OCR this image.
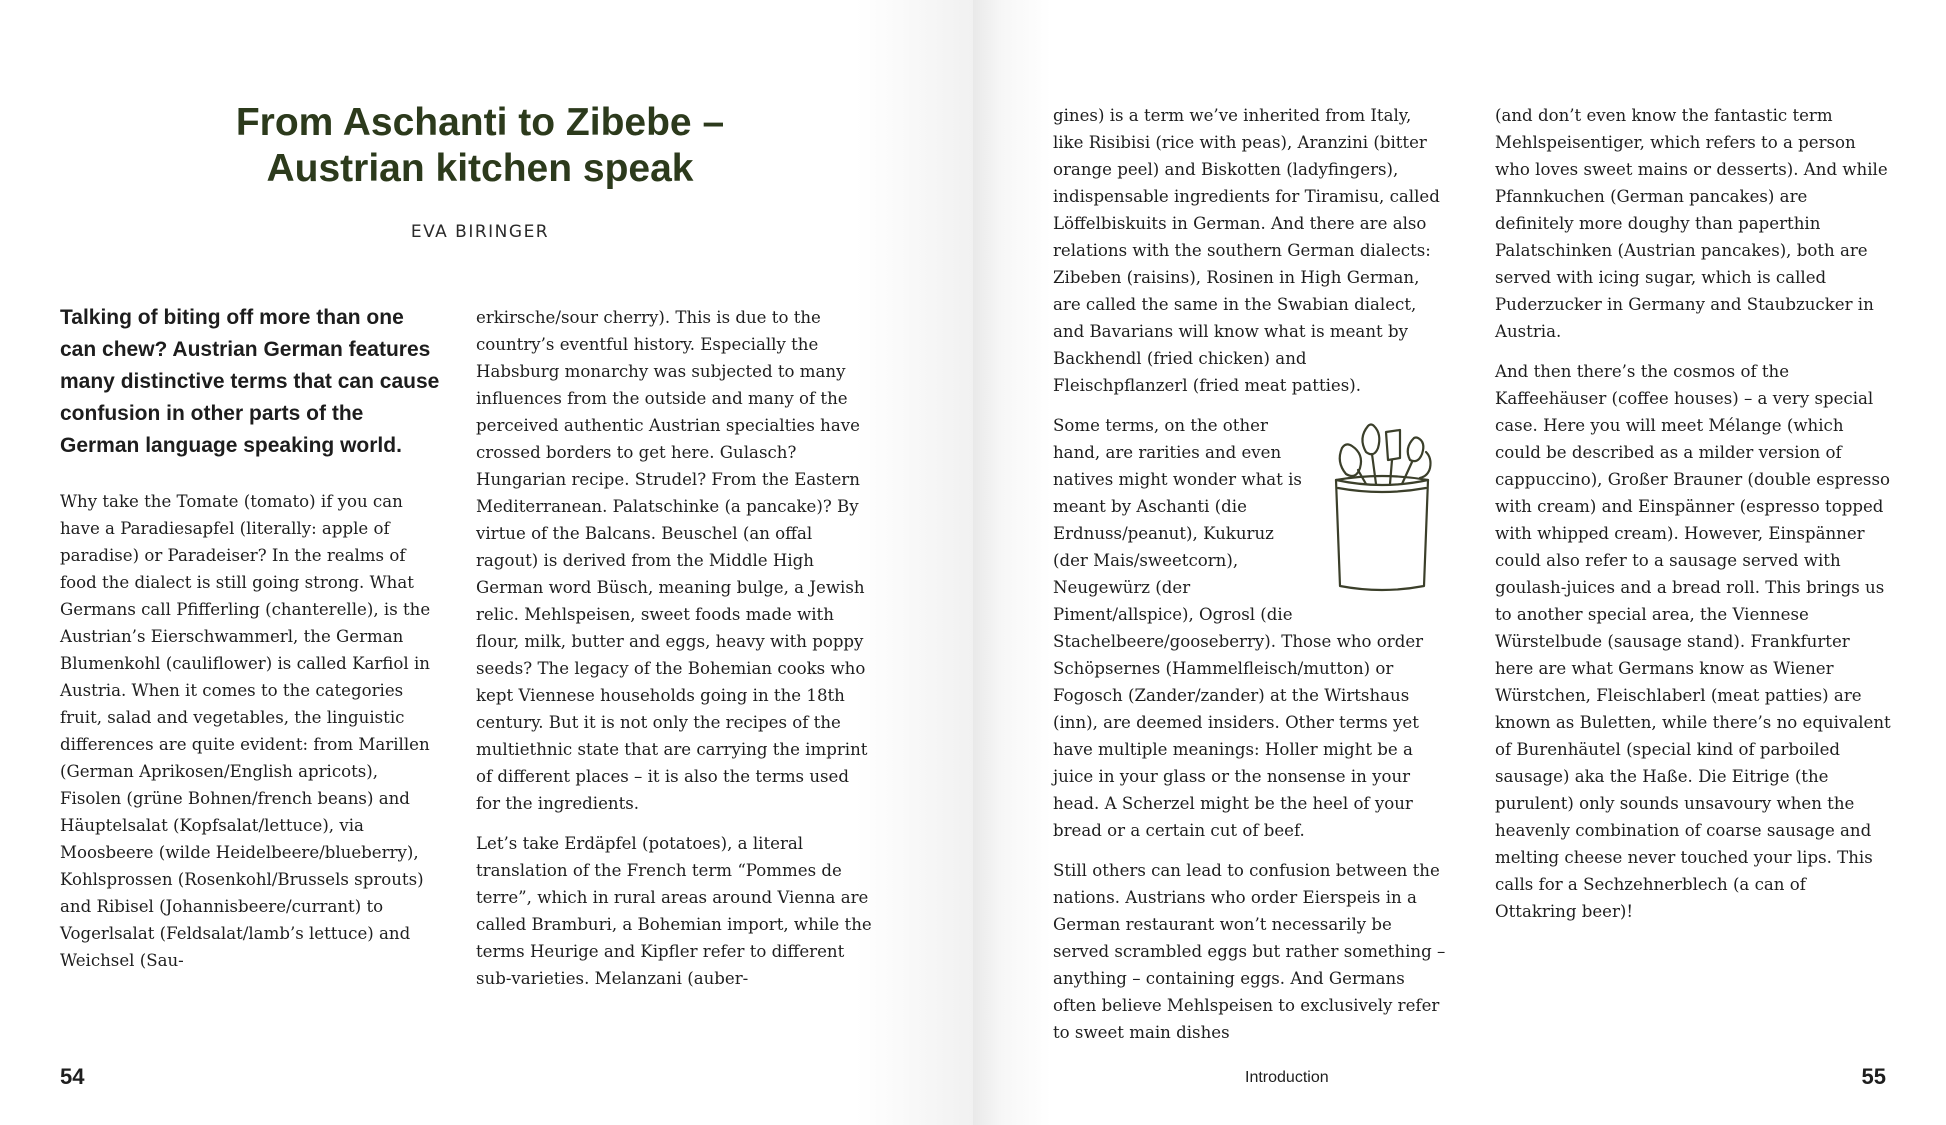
From Aschanti to Zibebe –
Austrian kitchen speak
EVA BIRINGER

Talking of biting off more than one can chew? Austrian German features many distinctive terms that can cause confusion in other parts of the German language speaking world.

Why take the Tomate (tomato) if you can have a Paradiesapfel (literally: apple of paradise) or Paradeiser? In the realms of food the dialect is still going strong. What Germans call Pfifferling (chanterelle), is the Austrian’s Eierschwammerl, the German Blumenkohl (cauliflower) is called Karfiol in Austria. When it comes to the categories fruit, salad and vegetables, the linguistic differences are quite evident: from Marillen (German Aprikosen/English apricots), Fisolen (grüne Bohnen/french beans) and Häuptelsalat (Kopfsalat/lettuce), via Moosbeere (wilde Heidelbeere/blueberry), Kohlsprossen (Rosenkohl/Brussels sprouts) and Ribisel (Johannisbeere/currant) to Vogerlsalat (Feldsalat/lamb’s lettuce) and Weichsel (Sau-

erkirsche/sour cherry). This is due to the country’s eventful history. Especially the Habsburg monarchy was subjected to many influences from the outside and many of the perceived authentic Austrian specialties have crossed borders to get here. Gulasch? Hungarian recipe. Strudel? From the Eastern Mediterranean. Palatschinke (a pancake)? By virtue of the Balcans. Beuschel (an offal ragout) is derived from the Middle High German word Büsch, meaning bulge, a Jewish relic. Mehlspeisen, sweet foods made with flour, milk, butter and eggs, heavy with poppy seeds? The legacy of the Bohemian cooks who kept Viennese households going in the 18th century. But it is not only the recipes of the multiethnic state that are carrying the imprint of different places – it is also the terms used for the ingredients.

Let’s take Erdäpfel (potatoes), a literal translation of the French term “Pommes de terre”, which in rural areas around Vienna are called Bramburi, a Bohemian import, while the terms Heurige and Kipfler refer to different sub-varieties. Melanzani (auber-

54

gines) is a term we’ve inherited from Italy, like Risibisi (rice with peas), Aranzini (bitter orange peel) and Biskotten (ladyfingers), indispensable ingredients for Tiramisu, called Löffelbiskuits in German. And there are also relations with the southern German dialects: Zibeben (raisins), Rosinen in High German, are called the same in the Swabian dialect, and Bavarians will know what is meant by Backhendl (fried chicken) and Fleischpflanzerl (fried meat patties).

Some terms, on the other hand, are rarities and even natives might wonder what is meant by Aschanti (die Erdnuss/peanut), Kukuruz (der Mais/sweetcorn), Neugewürz (der Piment/allspice), Ogrosl (die Stachelbeere/gooseberry). Those who order Schöpsernes (Hammelfleisch/mutton) or Fogosch (Zander/zander) at the Wirtshaus (inn), are deemed insiders. Other terms yet have multiple meanings: Holler might be a juice in your glass or the nonsense in your head. A Scherzel might be the heel of your bread or a certain cut of beef.

Still others can lead to confusion between the nations. Austrians who order Eierspeis in a German restaurant won’t necessarily be served scrambled eggs but rather something – anything – containing eggs. And Germans often believe Mehlspeisen to exclusively refer to sweet main dishes

(and don’t even know the fantastic term Mehlspeisentiger, which refers to a person who loves sweet mains or desserts). And while Pfannkuchen (German pancakes) are definitely more doughy than paperthin Palatschinken (Austrian pancakes), both are served with icing sugar, which is called Puderzucker in Germany and Staubzucker in Austria.

And then there’s the cosmos of the Kaffeehäuser (coffee houses) – a very special case. Here you will meet Mélange (which could be described as a milder version of cappuccino), Großer Brauner (double espresso with cream) and Einspänner (espresso topped with whipped cream). However, Einspänner could also refer to a sausage served with goulash-juices and a bread roll. This brings us to another special area, the Viennese Würstelbude (sausage stand). Frankfurter here are what Germans know as Wiener Würstchen, Fleischlaberl (meat patties) are known as Buletten, while there’s no equivalent of Burenhäutel (special kind of parboiled sausage) aka the Haße. Die Eitrige (the purulent) only sounds unsavoury when the heavenly combination of coarse sausage and melting cheese never touched your lips. This calls for a Sechzehnerblech (a can of Ottakring beer)!

Introduction	55
